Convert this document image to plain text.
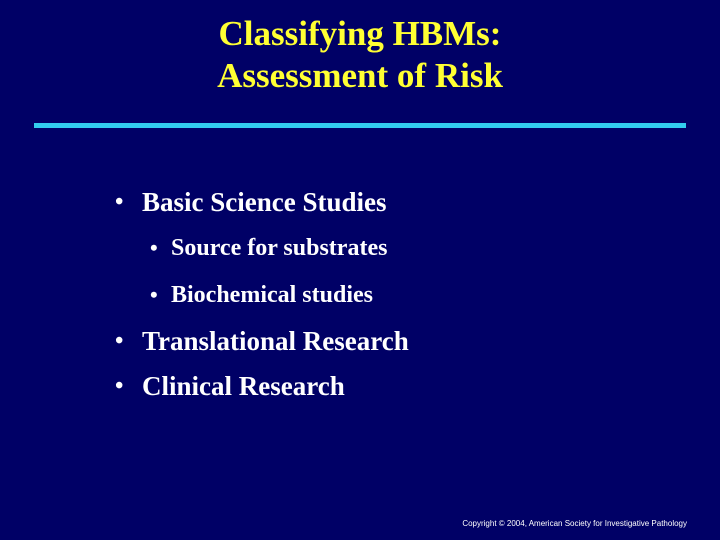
Classifying HBMs:
Assessment of Risk
• Basic Science Studies
• Source for substrates
• Biochemical studies
• Translational Research
• Clinical Research
Copyright © 2004, American Society for Investigative Pathology
